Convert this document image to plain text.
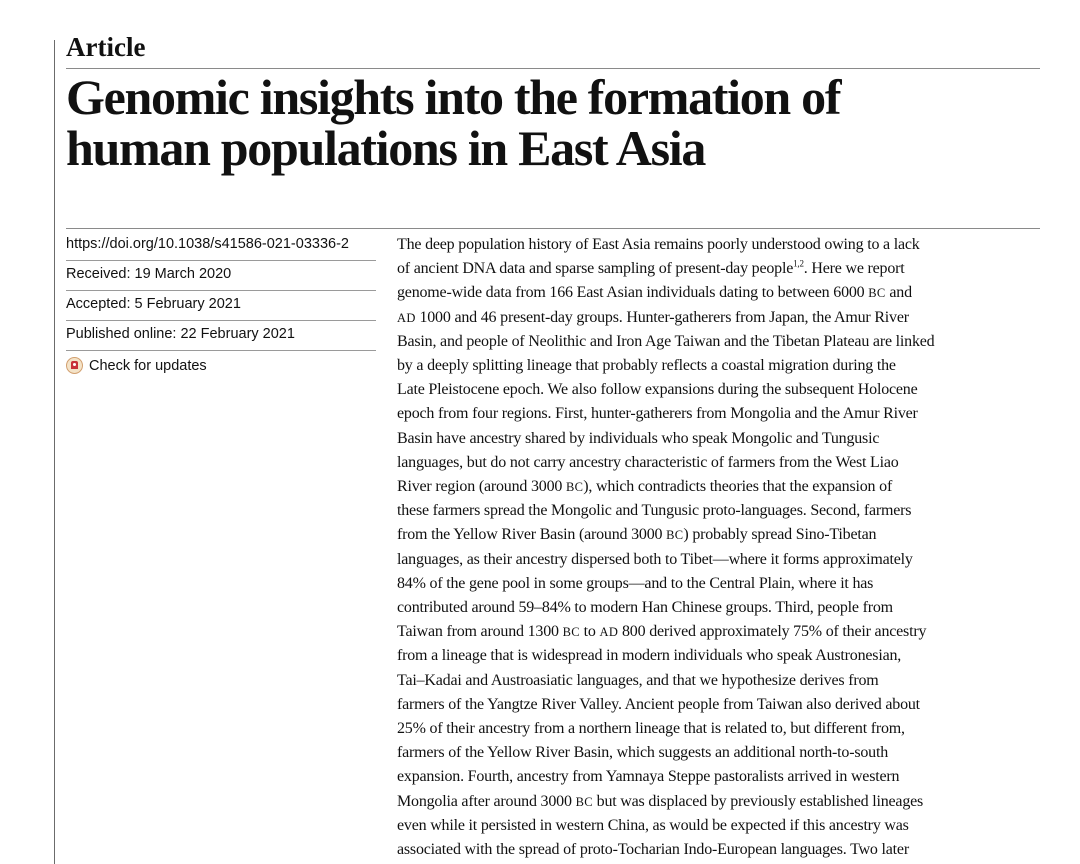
Article
Genomic insights into the formation of
human populations in East Asia
https://doi.org/10.1038/s41586-021-03336-2
Received: 19 March 2020
Accepted: 5 February 2021
Published online: 22 February 2021
Check for updates
The deep population history of East Asia remains poorly understood owing to a lack
of ancient DNA data and sparse sampling of present-day people$^{1,2}$. Here we report
genome-wide data from 166 East Asian individuals dating to between 6000 BC and
AD 1000 and 46 present-day groups. Hunter-gatherers from Japan, the Amur River
Basin, and people of Neolithic and Iron Age Taiwan and the Tibetan Plateau are linked
by a deeply splitting lineage that probably reflects a coastal migration during the
Late Pleistocene epoch. We also follow expansions during the subsequent Holocene
epoch from four regions. First, hunter-gatherers from Mongolia and the Amur River
Basin have ancestry shared by individuals who speak Mongolic and Tungusic
languages, but do not carry ancestry characteristic of farmers from the West Liao
River region (around 3000 BC), which contradicts theories that the expansion of
these farmers spread the Mongolic and Tungusic proto-languages. Second, farmers
from the Yellow River Basin (around 3000 BC) probably spread Sino-Tibetan
languages, as their ancestry dispersed both to Tibet—where it forms approximately
84% of the gene pool in some groups—and to the Central Plain, where it has
contributed around 59–84% to modern Han Chinese groups. Third, people from
Taiwan from around 1300 BC to AD 800 derived approximately 75% of their ancestry
from a lineage that is widespread in modern individuals who speak Austronesian,
Tai–Kadai and Austroasiatic languages, and that we hypothesize derives from
farmers of the Yangtze River Valley. Ancient people from Taiwan also derived about
25% of their ancestry from a northern lineage that is related to, but different from,
farmers of the Yellow River Basin, which suggests an additional north-to-south
expansion. Fourth, ancestry from Yamnaya Steppe pastoralists arrived in western
Mongolia after around 3000 BC but was displaced by previously established lineages
even while it persisted in western China, as would be expected if this ancestry was
associated with the spread of proto-Tocharian Indo-European languages. Two later
